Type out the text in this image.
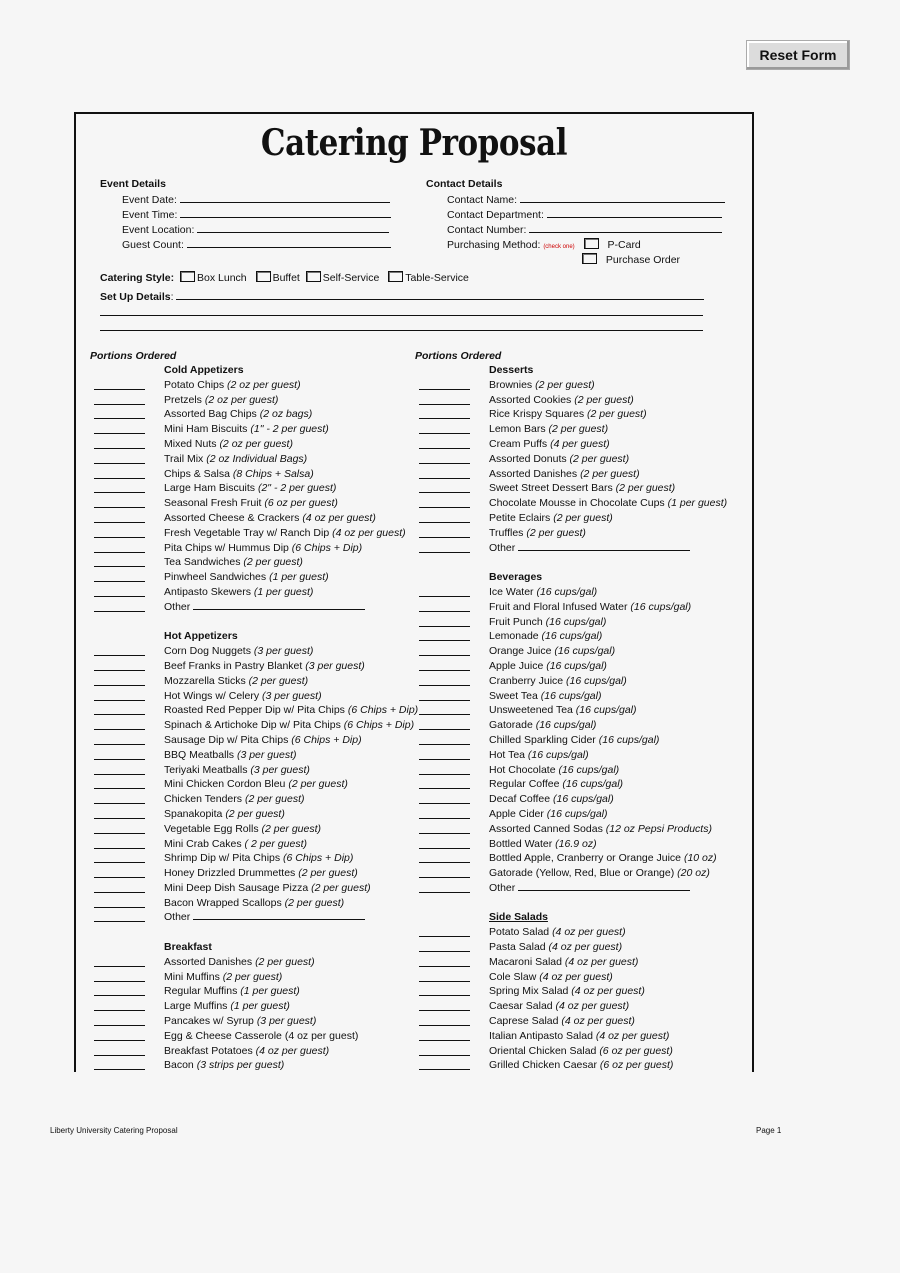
Reset Form
Catering Proposal
Event Details
Event Date:
Event Time:
Event Location:
Guest Count:
Contact Details
Contact Name:
Contact Department:
Contact Number:
Purchasing Method: (check one)	P-Card
Purchase Order
Catering Style: Box Lunch Buffet Self-Service Table-Service
Set Up Details:
Portions Ordered	Portions Ordered
Cold Appetizers
Potato Chips (2 oz per guest)
Pretzels (2 oz per guest)
Assorted Bag Chips (2 oz bags)
Mini Ham Biscuits (1" - 2 per guest)
Mixed Nuts (2 oz per guest)
Trail Mix (2 oz Individual Bags)
Chips & Salsa (8 Chips + Salsa)
Large Ham Biscuits (2" - 2 per guest)
Seasonal Fresh Fruit (6 oz per guest)
Assorted Cheese & Crackers (4 oz per guest)
Fresh Vegetable Tray w/ Ranch Dip (4 oz per guest)
Pita Chips w/ Hummus Dip (6 Chips + Dip)
Tea Sandwiches (2 per guest)
Pinwheel Sandwiches (1 per guest)
Antipasto Skewers (1 per guest)
Other
Hot Appetizers
Corn Dog Nuggets (3 per guest)
Beef Franks in Pastry Blanket (3 per guest)
Mozzarella Sticks (2 per guest)
Hot Wings w/ Celery (3 per guest)
Roasted Red Pepper Dip w/ Pita Chips (6 Chips + Dip)
Spinach & Artichoke Dip w/ Pita Chips (6 Chips + Dip)
Sausage Dip w/ Pita Chips (6 Chips + Dip)
BBQ Meatballs (3 per guest)
Teriyaki Meatballs (3 per guest)
Mini Chicken Cordon Bleu (2 per guest)
Chicken Tenders (2 per guest)
Spanakopita (2 per guest)
Vegetable Egg Rolls (2 per guest)
Mini Crab Cakes ( 2 per guest)
Shrimp Dip w/ Pita Chips (6 Chips + Dip)
Honey Drizzled Drummettes (2 per guest)
Mini Deep Dish Sausage Pizza (2 per guest)
Bacon Wrapped Scallops (2 per guest)
Other
Breakfast
Assorted Danishes (2 per guest)
Mini Muffins (2 per guest)
Regular Muffins (1 per guest)
Large Muffins (1 per guest)
Pancakes w/ Syrup (3 per guest)
Egg & Cheese Casserole (4 oz per guest)
Breakfast Potatoes (4 oz per guest)
Bacon (3 strips per guest)
Desserts
Brownies (2 per guest)
Assorted Cookies (2 per guest)
Rice Krispy Squares (2 per guest)
Lemon Bars (2 per guest)
Cream Puffs (4 per guest)
Assorted Donuts (2 per guest)
Assorted Danishes (2 per guest)
Sweet Street Dessert Bars (2 per guest)
Chocolate Mousse in Chocolate Cups (1 per guest)
Petite Eclairs (2 per guest)
Truffles (2 per guest)
Other
Beverages
Ice Water (16 cups/gal)
Fruit and Floral Infused Water (16 cups/gal)
Fruit Punch (16 cups/gal)
Lemonade (16 cups/gal)
Orange Juice (16 cups/gal)
Apple Juice (16 cups/gal)
Cranberry Juice (16 cups/gal)
Sweet Tea (16 cups/gal)
Unsweetened Tea (16 cups/gal)
Gatorade (16 cups/gal)
Chilled Sparkling Cider (16 cups/gal)
Hot Tea (16 cups/gal)
Hot Chocolate (16 cups/gal)
Regular Coffee (16 cups/gal)
Decaf Coffee (16 cups/gal)
Apple Cider (16 cups/gal)
Assorted Canned Sodas (12 oz Pepsi Products)
Bottled Water (16.9 oz)
Bottled Apple, Cranberry or Orange Juice (10 oz)
Gatorade (Yellow, Red, Blue or Orange) (20 oz)
Other
Side Salads
Potato Salad (4 oz per guest)
Pasta Salad (4 oz per guest)
Macaroni Salad (4 oz per guest)
Cole Slaw (4 oz per guest)
Spring Mix Salad (4 oz per guest)
Caesar Salad (4 oz per guest)
Caprese Salad (4 oz per guest)
Italian Antipasto Salad (4 oz per guest)
Oriental Chicken Salad (6 oz per guest)
Grilled Chicken Caesar (6 oz per guest)
Liberty University Catering Proposal	Page 1
